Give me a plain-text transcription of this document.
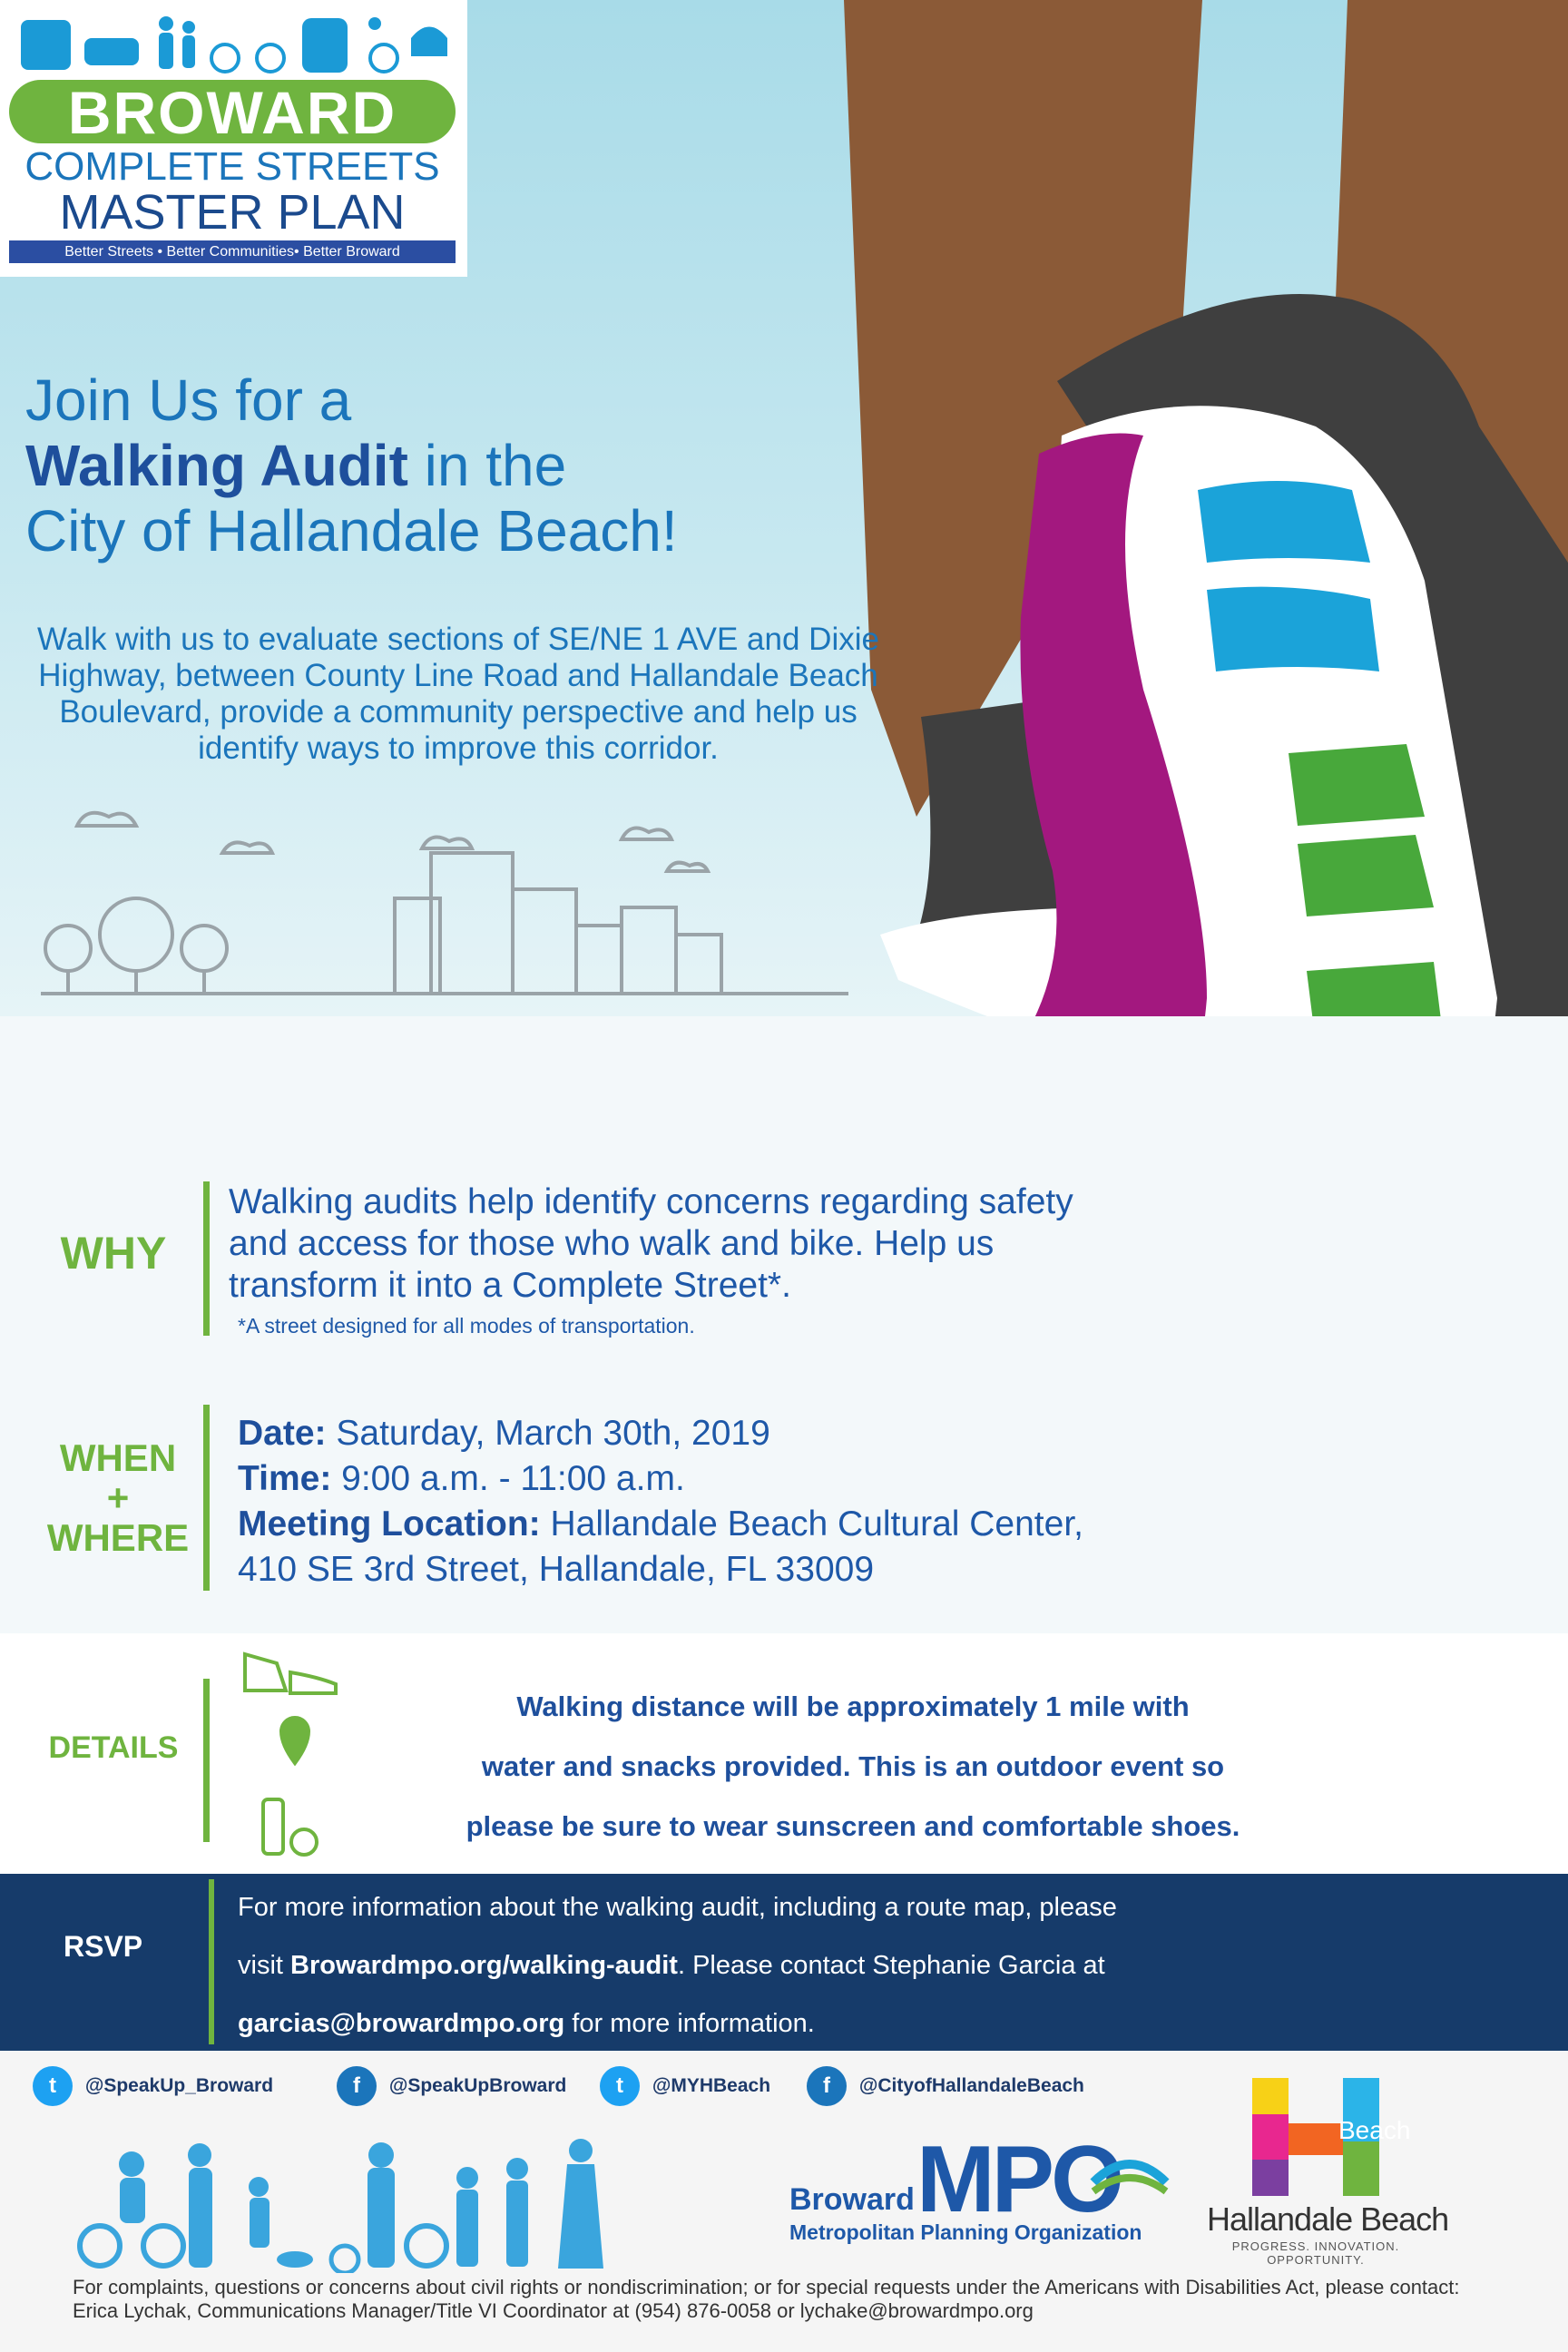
BROWARD
COMPLETE STREETS
MASTER PLAN
Better Streets • Better Communities• Better Broward
Join Us for a
Walking Audit in the
City of Hallandale Beach!
Walk with us to evaluate sections of SE/NE 1 AVE and Dixie Highway, between County Line Road and Hallandale Beach Boulevard, provide a community perspective and help us identify ways to improve this corridor.
WHY
Walking audits help identify concerns regarding safety and access for those who walk and bike. Help us transform it into a Complete Street*.
*A street designed for all modes of transportation.
WHEN
+
WHERE
Date: Saturday, March 30th, 2019
Time: 9:00 a.m. - 11:00 a.m.
Meeting Location: Hallandale Beach Cultural Center,
410 SE 3rd Street, Hallandale, FL 33009
DETAILS
Walking distance will be approximately 1 mile with
water and snacks provided. This is an outdoor event so
please be sure to wear sunscreen and comfortable shoes.
RSVP
For more information about the walking audit, including a route map, please
visit Browardmpo.org/walking-audit. Please contact Stephanie Garcia at
garcias@browardmpo.org for more information.
t @SpeakUp_Broward	f @SpeakUpBroward	t @MYHBeach	f @CityofHallandaleBeach
Broward MPO
Metropolitan Planning Organization
Beach
Hallandale Beach
PROGRESS. INNOVATION. OPPORTUNITY.
For complaints, questions or concerns about civil rights or nondiscrimination; or for special requests under the Americans with Disabilities Act, please contact: Erica Lychak, Communications Manager/Title VI Coordinator at (954) 876-0058 or lychake@browardmpo.org
